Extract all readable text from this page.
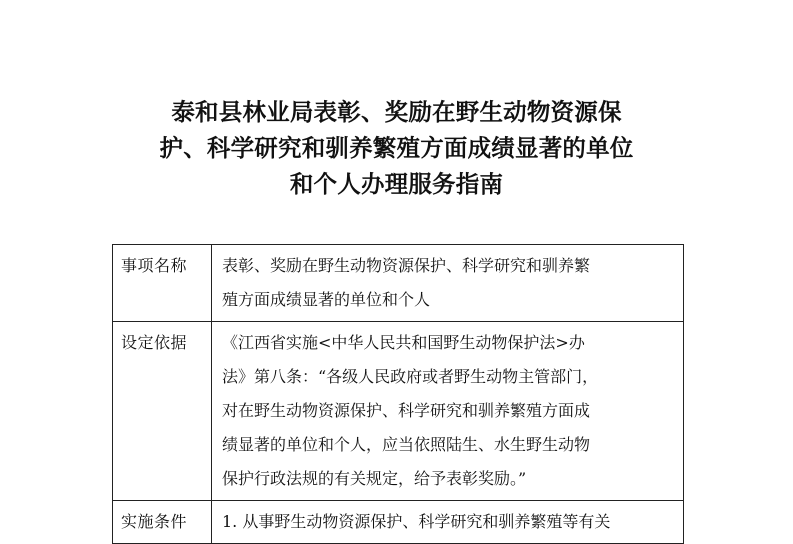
泰和县林业局表彰、奖励在野生动物资源保
护、科学研究和驯养繁殖方面成绩显著的单位
和个人办理服务指南
事项名称	表彰、奖励在野生动物资源保护、科学研究和驯养繁
殖方面成绩显著的单位和个人

设定依据	《江西省实施<中华人民共和国野生动物保护法>办
法》第八条：“各级人民政府或者野生动物主管部门，
对在野生动物资源保护、科学研究和驯养繁殖方面成
绩显著的单位和个人，应当依照陆生、水生野生动物
保护行政法规的有关规定，给予表彰奖励。”

实施条件	1. 从事野生动物资源保护、科学研究和驯养繁殖等有关
